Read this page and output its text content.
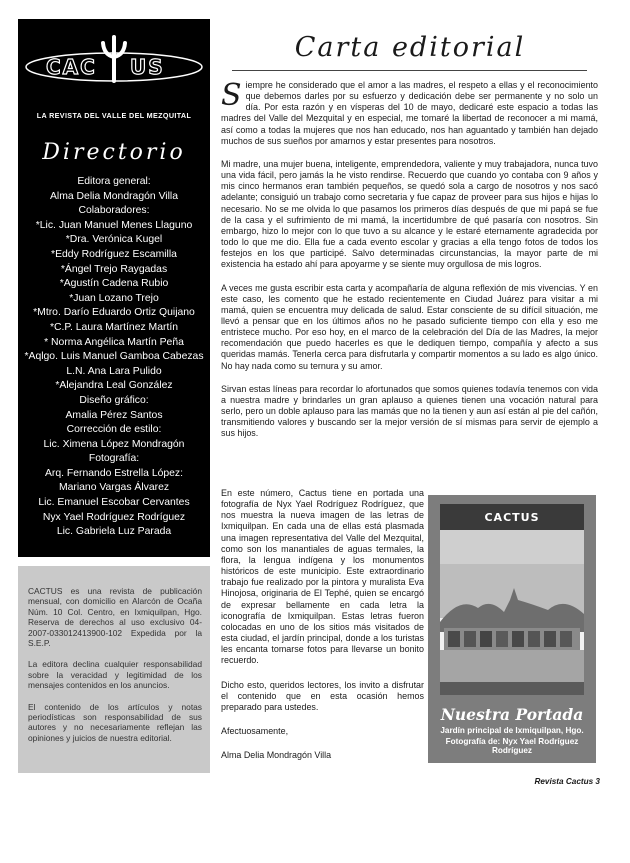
CAC US
LA REVISTA DEL VALLE DEL MEZQUITAL
Directorio
Editora general:
Alma Delia Mondragón Villa
Colaboradores:
*Lic. Juan Manuel Menes Llaguno
*Dra. Verónica Kugel
*Eddy Rodríguez Escamilla
*Ángel Trejo Raygadas
*Agustín Cadena Rubio
*Juan Lozano Trejo
*Mtro. Darío Eduardo Ortiz Quijano
*C.P. Laura Martínez Martín
* Norma Angélica Martín Peña
*Aqlgo. Luis Manuel Gamboa Cabezas
L.N. Ana Lara Pulido
*Alejandra Leal González
Diseño gráfico:
Amalia Pérez Santos
Corrección de estilo:
Lic. Ximena López Mondragón
Fotografía:
Arq. Fernando Estrella López:
Mariano Vargas Álvarez
Lic. Emanuel Escobar Cervantes
Nyx Yael Rodríguez Rodríguez
Lic. Gabriela Luz Parada

CACTUS es una revista de publicación mensual, con domicilio en Alarcón de Ocaña Núm. 10 Col. Centro, en Ixmiquilpan, Hgo. Reserva de derechos al uso exclusivo 04-2007-033012413900-102 Expedida por la S.E.P.

La editora declina cualquier responsabilidad sobre la veracidad y legitimidad de los mensajes contenidos en los anuncios.

El contenido de los artículos y notas periodísticas son responsabilidad de sus autores y no necesariamente reflejan las opiniones y juicios de nuestra editorial.

Carta editorial

Siempre he considerado que el amor a las madres, el respeto a ellas y el reconocimiento que debemos darles por su esfuerzo y dedicación debe ser permanente y no solo un día. Por esta razón y en vísperas del 10 de mayo, dedicaré este espacio a todas las madres del Valle del Mezquital y en especial, me tomaré la libertad de reconocer a mi mamá, así como a todas la mujeres que nos han educado, nos han aguantado y también han dejado muchos de sus sueños por amarnos y estar presentes para nosotros.

Mi madre, una mujer buena, inteligente, emprendedora, valiente y muy trabajadora, nunca tuvo una vida fácil, pero jamás la he visto rendirse. Recuerdo que cuando yo contaba con 9 años y mis cinco hermanos eran también pequeños, se quedó sola a cargo de nosotros y nos sacó adelante; consiguió un trabajo como secretaria y fue capaz de proveer para sus hijos e hijas lo necesario. No se me olvida lo que pasamos los primeros días después de que mi papá se fue de la casa y el sufrimiento de mi mamá, la incertidumbre de qué pasaría con nosotros. Sin embargo, hizo lo mejor con lo que tuvo a su alcance y le estaré eternamente agradecida por todo lo que me dio. Ella fue a cada evento escolar y gracias a ella tengo fotos de todos los festejos en los que participé. Salvo determinadas circunstancias, la mayor parte de mi existencia ha estado ahí para apoyarme y se siente muy orgullosa de mis logros.

A veces me gusta escribir esta carta y acompañaría de alguna reflexión de mis vivencias. Y en este caso, les comento que he estado recientemente en Ciudad Juárez para visitar a mi mamá, quien se encuentra muy delicada de salud. Estar consciente de su difícil situación, me llevó a pensar que en los últimos años no he pasado suficiente tiempo con ella y eso me entristece mucho. Por eso hoy, en el marco de la celebración del Día de las Madres, la mejor recomendación que puedo hacerles es que le dediquen tiempo, compañía y afecto a sus queridas mamás. Tenerla cerca para disfrutarla y compartir momentos a su lado es algo único. No hay nada como su ternura y su amor.

Sirvan estas líneas para recordar lo afortunados que somos quienes todavía tenemos con vida a nuestra madre y brindarles un gran aplauso a quienes tienen una vocación natural para serlo, pero un doble aplauso para las mamás que no la tienen y aun así están al pie del cañón, transmitiendo valores y buscando ser la mejor versión de sí mismas para servir de ejemplo a sus hijos.

En este número, Cactus tiene en portada una fotografía de Nyx Yael Rodríguez Rodríguez, que nos muestra la nueva imagen de las letras de Ixmiquilpan. En cada una de ellas está plasmada una imagen representativa del Valle del Mezquital, como son los manantiales de aguas termales, la flora, la lengua indígena y los monumentos históricos de este municipio. Este extraordinario trabajo fue realizado por la pintora y muralista Eva Hinojosa, originaria de El Tephé, quien se encargó de expresar bellamente en cada letra la iconografía de Ixmiquilpan. Estas letras fueron colocadas en uno de los sitios más visitados de esta ciudad, el jardín principal, donde a los turistas les encanta tomarse fotos para llevarse un bonito recuerdo.

Dicho esto, queridos lectores, los invito a disfrutar el contenido que en esta ocasión hemos preparado para ustedes.

Afectuosamente,

Alma Delia Mondragón Villa

CACTUS
Nuestra Portada
Jardín principal de Ixmiquilpan, Hgo.
Fotografía de: Nyx Yael Rodríguez Rodríguez
Revista Cactus 3
